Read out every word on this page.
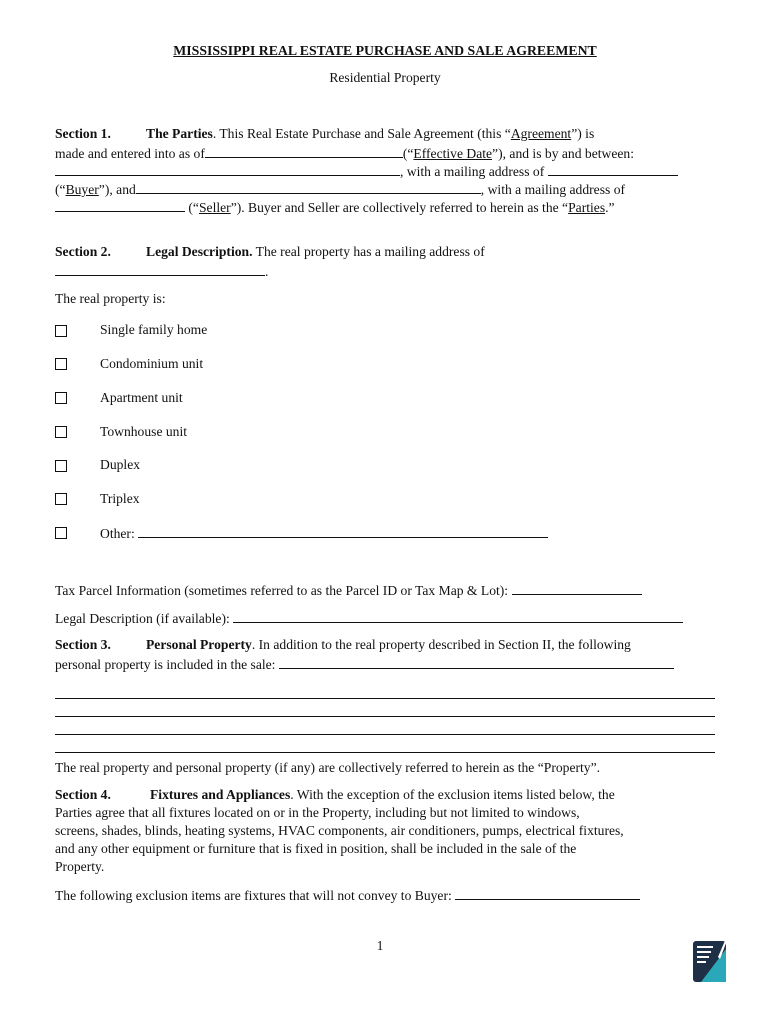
MISSISSIPPI REAL ESTATE PURCHASE AND SALE AGREEMENT
Residential Property
Section 1.	The Parties. This Real Estate Purchase and Sale Agreement (this “Agreement”) is
made and entered into as of	(“Effective Date”), and is by and between:
, with a mailing address of
(“Buyer”), and	, with a mailing address of
(“Seller”). Buyer and Seller are collectively referred to herein as the “Parties.”
Section 2.	Legal Description. The real property has a mailing address of
.
The real property is:
Single family home
Condominium unit
Apartment unit
Townhouse unit
Duplex
Triplex
Other:
Tax Parcel Information (sometimes referred to as the Parcel ID or Tax Map & Lot):
Legal Description (if available):
Section 3.	Personal Property. In addition to the real property described in Section II, the following
personal property is included in the sale:
The real property and personal property (if any) are collectively referred to herein as the “Property”.
Section 4.	Fixtures and Appliances. With the exception of the exclusion items listed below, the
Parties agree that all fixtures located on or in the Property, including but not limited to windows,
screens, shades, blinds, heating systems, HVAC components, air conditioners, pumps, electrical fixtures,
and any other equipment or furniture that is fixed in position, shall be included in the sale of the
Property.
The following exclusion items are fixtures that will not convey to Buyer:
1
